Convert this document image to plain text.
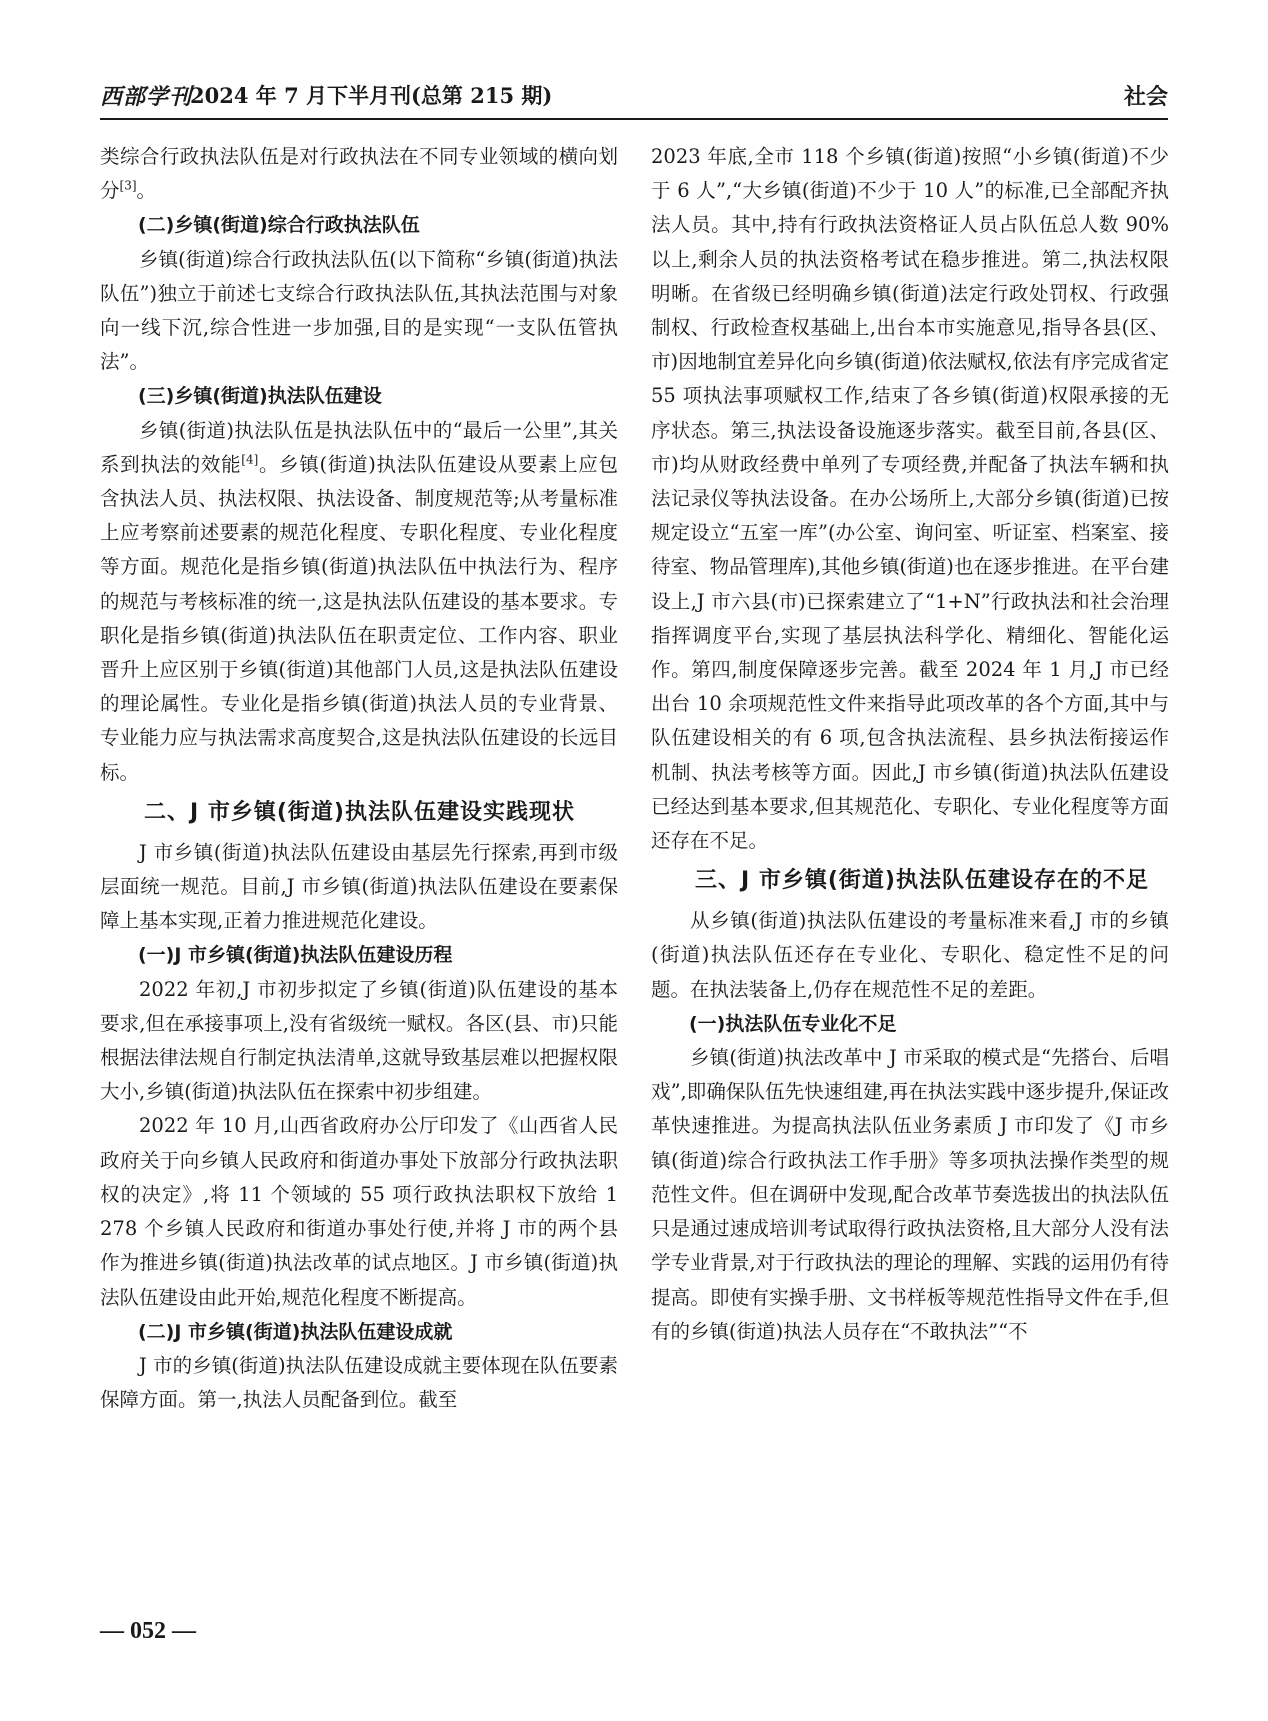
西部学刊
2024 年 7 月下半月刊(总第 215 期)	社会

类综合行政执法队伍是对行政执法在不同专业领域的横向划分[3]。

(二)乡镇(街道)综合行政执法队伍

乡镇(街道)综合行政执法队伍(以下简称“乡镇(街道)执法队伍”)独立于前述七支综合行政执法队伍,其执法范围与对象向一线下沉,综合性进一步加强,目的是实现“一支队伍管执法”。

(三)乡镇(街道)执法队伍建设

乡镇(街道)执法队伍是执法队伍中的“最后一公里”,其关系到执法的效能[4]。乡镇(街道)执法队伍建设从要素上应包含执法人员、执法权限、执法设备、制度规范等;从考量标准上应考察前述要素的规范化程度、专职化程度、专业化程度等方面。规范化是指乡镇(街道)执法队伍中执法行为、程序的规范与考核标准的统一,这是执法队伍建设的基本要求。专职化是指乡镇(街道)执法队伍在职责定位、工作内容、职业晋升上应区别于乡镇(街道)其他部门人员,这是执法队伍建设的理论属性。专业化是指乡镇(街道)执法人员的专业背景、专业能力应与执法需求高度契合,这是执法队伍建设的长远目标。

二、J 市乡镇(街道)执法队伍建设实践现状

J 市乡镇(街道)执法队伍建设由基层先行探索,再到市级层面统一规范。目前,J 市乡镇(街道)执法队伍建设在要素保障上基本实现,正着力推进规范化建设。

(一)J 市乡镇(街道)执法队伍建设历程

2022 年初,J 市初步拟定了乡镇(街道)队伍建设的基本要求,但在承接事项上,没有省级统一赋权。各区(县、市)只能根据法律法规自行制定执法清单,这就导致基层难以把握权限大小,乡镇(街道)执法队伍在探索中初步组建。

2022 年 10 月,山西省政府办公厅印发了《山西省人民政府关于向乡镇人民政府和街道办事处下放部分行政执法职权的决定》,将 11 个领域的 55 项行政执法职权下放给 1 278 个乡镇人民政府和街道办事处行使,并将 J 市的两个县作为推进乡镇(街道)执法改革的试点地区。J 市乡镇(街道)执法队伍建设由此开始,规范化程度不断提高。

(二)J 市乡镇(街道)执法队伍建设成就

J 市的乡镇(街道)执法队伍建设成就主要体现在队伍要素保障方面。第一,执法人员配备到位。截至

2023 年底,全市 118 个乡镇(街道)按照“小乡镇(街道)不少于 6 人”,“大乡镇(街道)不少于 10 人”的标准,已全部配齐执法人员。其中,持有行政执法资格证人员占队伍总人数 90%以上,剩余人员的执法资格考试在稳步推进。第二,执法权限明晰。在省级已经明确乡镇(街道)法定行政处罚权、行政强制权、行政检查权基础上,出台本市实施意见,指导各县(区、市)因地制宜差异化向乡镇(街道)依法赋权,依法有序完成省定 55 项执法事项赋权工作,结束了各乡镇(街道)权限承接的无序状态。第三,执法设备设施逐步落实。截至目前,各县(区、市)均从财政经费中单列了专项经费,并配备了执法车辆和执法记录仪等执法设备。在办公场所上,大部分乡镇(街道)已按规定设立“五室一库”(办公室、询问室、听证室、档案室、接待室、物品管理库),其他乡镇(街道)也在逐步推进。在平台建设上,J 市六县(市)已探索建立了“1+N”行政执法和社会治理指挥调度平台,实现了基层执法科学化、精细化、智能化运作。第四,制度保障逐步完善。截至 2024 年 1 月,J 市已经出台 10 余项规范性文件来指导此项改革的各个方面,其中与队伍建设相关的有 6 项,包含执法流程、县乡执法衔接运作机制、执法考核等方面。因此,J 市乡镇(街道)执法队伍建设已经达到基本要求,但其规范化、专职化、专业化程度等方面还存在不足。

三、J 市乡镇(街道)执法队伍建设存在的不足

从乡镇(街道)执法队伍建设的考量标准来看,J 市的乡镇(街道)执法队伍还存在专业化、专职化、稳定性不足的问题。在执法装备上,仍存在规范性不足的差距。

(一)执法队伍专业化不足

乡镇(街道)执法改革中 J 市采取的模式是“先搭台、后唱戏”,即确保队伍先快速组建,再在执法实践中逐步提升,保证改革快速推进。为提高执法队伍业务素质 J 市印发了《J 市乡镇(街道)综合行政执法工作手册》等多项执法操作类型的规范性文件。但在调研中发现,配合改革节奏选拔出的执法队伍只是通过速成培训考试取得行政执法资格,且大部分人没有法学专业背景,对于行政执法的理论的理解、实践的运用仍有待提高。即使有实操手册、文书样板等规范性指导文件在手,但有的乡镇(街道)执法人员存在“不敢执法”“不

— 052 —
